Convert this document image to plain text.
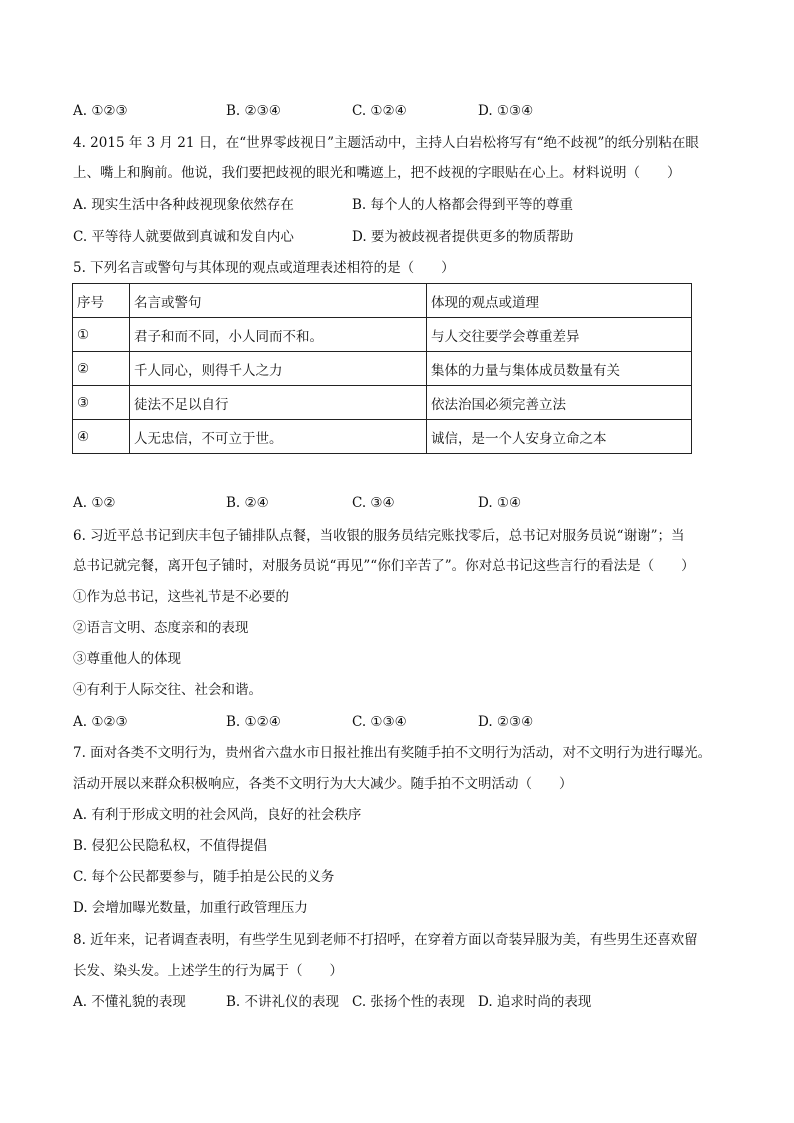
A. ①②③	B. ②③④	C. ①②④	D. ①③④
4. 2015 年 3 月 21 日，在“世界零歧视日”主题活动中，主持人白岩松将写有“绝不歧视”的纸分别粘在眼
上、嘴上和胸前。他说，我们要把歧视的眼光和嘴遮上，把不歧视的字眼贴在心上。材料说明（　　）
A. 现实生活中各种歧视现象依然存在	B. 每个人的人格都会得到平等的尊重
C. 平等待人就要做到真诚和发自内心	D. 要为被歧视者提供更多的物质帮助
5. 下列名言或警句与其体现的观点或道理表述相符的是（　　）
序号	名言或警句	体现的观点或道理
①	君子和而不同，小人同而不和。	与人交往要学会尊重差异
②	千人同心，则得千人之力	集体的力量与集体成员数量有关
③	徒法不足以自行	依法治国必须完善立法
④	人无忠信，不可立于世。	诚信，是一个人安身立命之本
A. ①②	B. ②④	C. ③④	D. ①④
6. 习近平总书记到庆丰包子铺排队点餐，当收银的服务员结完账找零后，总书记对服务员说“谢谢”；当
总书记就完餐，离开包子铺时，对服务员说“再见”“你们辛苦了”。你对总书记这些言行的看法是（　　）
①作为总书记，这些礼节是不必要的
②语言文明、态度亲和的表现
③尊重他人的体现
④有利于人际交往、社会和谐。
A. ①②③	B. ①②④	C. ①③④	D. ②③④
7. 面对各类不文明行为，贵州省六盘水市日报社推出有奖随手拍不文明行为活动，对不文明行为进行曝光。
活动开展以来群众积极响应，各类不文明行为大大减少。随手拍不文明活动（　　）
A. 有利于形成文明的社会风尚，良好的社会秩序
B. 侵犯公民隐私权，不值得提倡
C. 每个公民都要参与，随手拍是公民的义务
D. 会增加曝光数量，加重行政管理压力
8. 近年来，记者调查表明，有些学生见到老师不打招呼，在穿着方面以奇装异服为美，有些男生还喜欢留
长发、染头发。上述学生的行为属于（　　）
A. 不懂礼貌的表现	B. 不讲礼仪的表现 C. 张扬个性的表现 D. 追求时尚的表现
